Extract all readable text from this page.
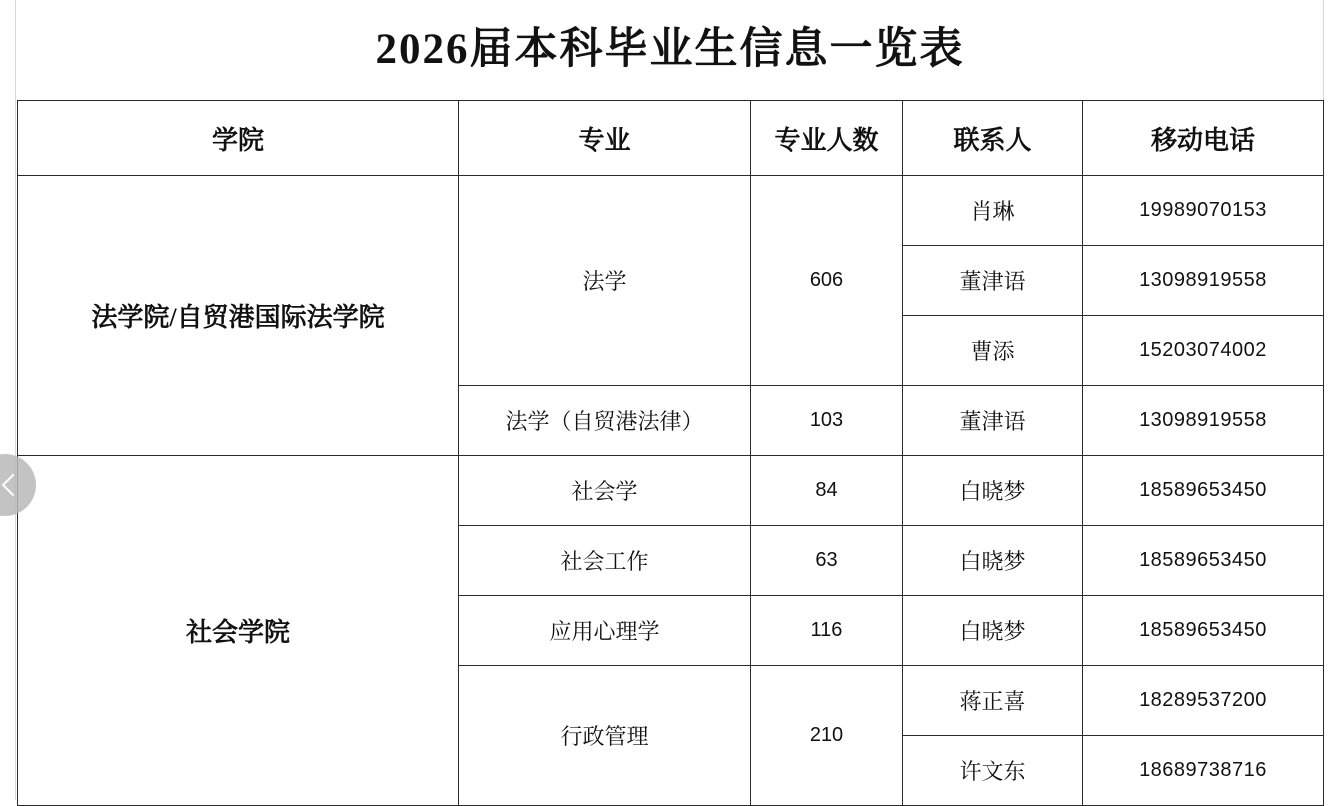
2026届本科毕业生信息一览表
学院	专业	专业人数	联系人	移动电话
法学院/自贸港国际法学院	法学	606	肖琳	19989070153
			董津语	13098919558
			曹添	15203074002
	法学（自贸港法律）	103	董津语	13098919558
社会学院	社会学	84	白晓梦	18589653450
	社会工作	63	白晓梦	18589653450
	应用心理学	116	白晓梦	18589653450
	行政管理	210	蒋正喜	18289537200
			许文东	18689738716
